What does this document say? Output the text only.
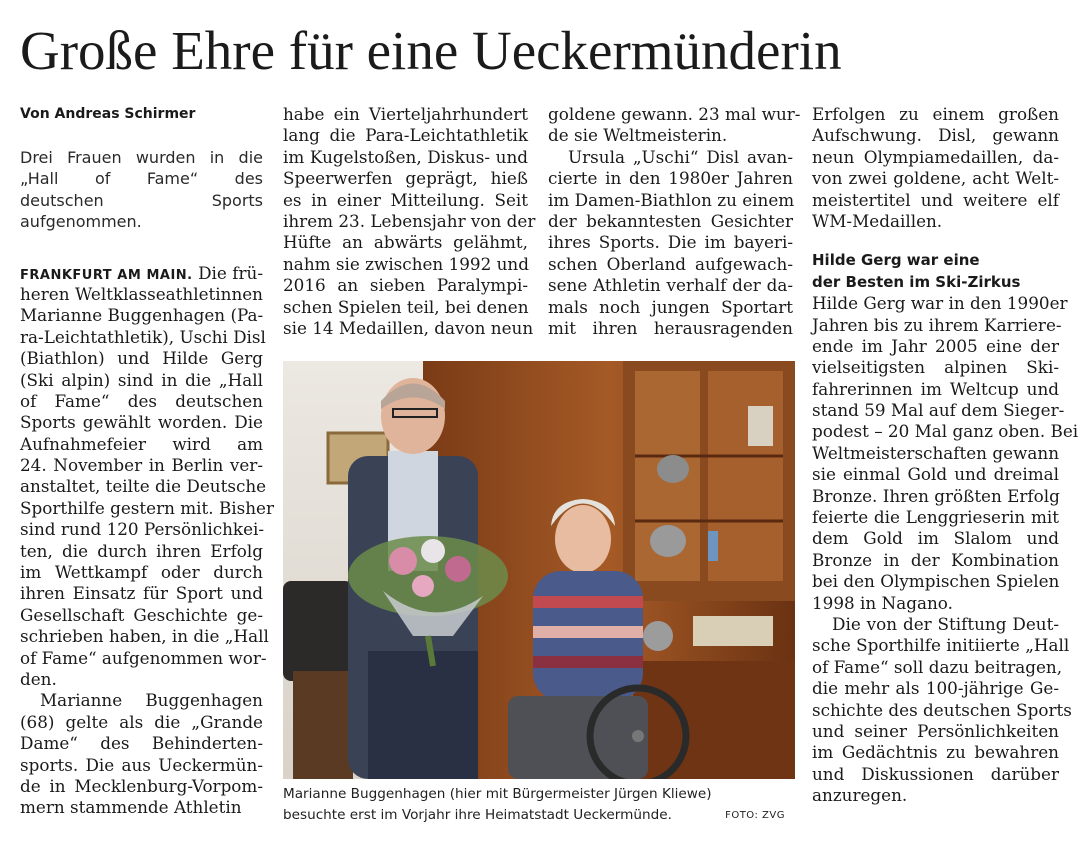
Große Ehre für eine Ueckermünderin
Von Andreas Schirmer
Drei Frauen wurden in die
„Hall of Fame“ des
deutschen Sports
aufgenommen.
FRANKFURT AM MAIN. Die frü-
heren Weltklasseathletinnen
Marianne Buggenhagen (Pa-
ra-Leichtathletik), Uschi Disl
(Biathlon) und Hilde Gerg
(Ski alpin) sind in die „Hall
of Fame“ des deutschen
Sports gewählt worden. Die
Aufnahmefeier wird am
24. November in Berlin ver-
anstaltet, teilte die Deutsche
Sporthilfe gestern mit. Bisher
sind rund 120 Persönlichkei-
ten, die durch ihren Erfolg
im Wettkampf oder durch
ihren Einsatz für Sport und
Gesellschaft Geschichte ge-
schrieben haben, in die „Hall
of Fame“ aufgenommen wor-
den.
Marianne Buggenhagen
(68) gelte als die „Grande
Dame“ des Behinderten-
sports. Die aus Ueckermün-
de in Mecklenburg-Vorpom-
mern stammende Athletin
habe ein Vierteljahrhundert
lang die Para-Leichtathletik
im Kugelstoßen, Diskus- und
Speerwerfen geprägt, hieß
es in einer Mitteilung. Seit
ihrem 23. Lebensjahr von der
Hüfte an abwärts gelähmt,
nahm sie zwischen 1992 und
2016 an sieben Paralympi-
schen Spielen teil, bei denen
sie 14 Medaillen, davon neun
goldene gewann. 23 mal wur-
de sie Weltmeisterin.
Ursula „Uschi“ Disl avan-
cierte in den 1980er Jahren
im Damen-Biathlon zu einem
der bekanntesten Gesichter
ihres Sports. Die im bayeri-
schen Oberland aufgewach-
sene Athletin verhalf der da-
mals noch jungen Sportart
mit ihren herausragenden
Erfolgen zu einem großen
Aufschwung. Disl, gewann
neun Olympiamedaillen, da-
von zwei goldene, acht Welt-
meistertitel und weitere elf
WM-Medaillen.
Hilde Gerg war eine
der Besten im Ski-Zirkus
Hilde Gerg war in den 1990er
Jahren bis zu ihrem Karriere-
ende im Jahr 2005 eine der
vielseitigsten alpinen Ski-
fahrerinnen im Weltcup und
stand 59 Mal auf dem Sieger-
podest – 20 Mal ganz oben. Bei
Weltmeisterschaften gewann
sie einmal Gold und dreimal
Bronze. Ihren größten Erfolg
feierte die Lenggrieserin mit
dem Gold im Slalom und
Bronze in der Kombination
bei den Olympischen Spielen
1998 in Nagano.
Die von der Stiftung Deut-
sche Sporthilfe initiierte „Hall
of Fame“ soll dazu beitragen,
die mehr als 100-jährige Ge-
schichte des deutschen Sports
und seiner Persönlichkeiten
im Gedächtnis zu bewahren
und Diskussionen darüber
anzuregen.
Marianne Buggenhagen (hier mit Bürgermeister Jürgen Kliewe)
besuchte erst im Vorjahr ihre Heimatstadt Ueckermünde.	FOTO: ZVG
